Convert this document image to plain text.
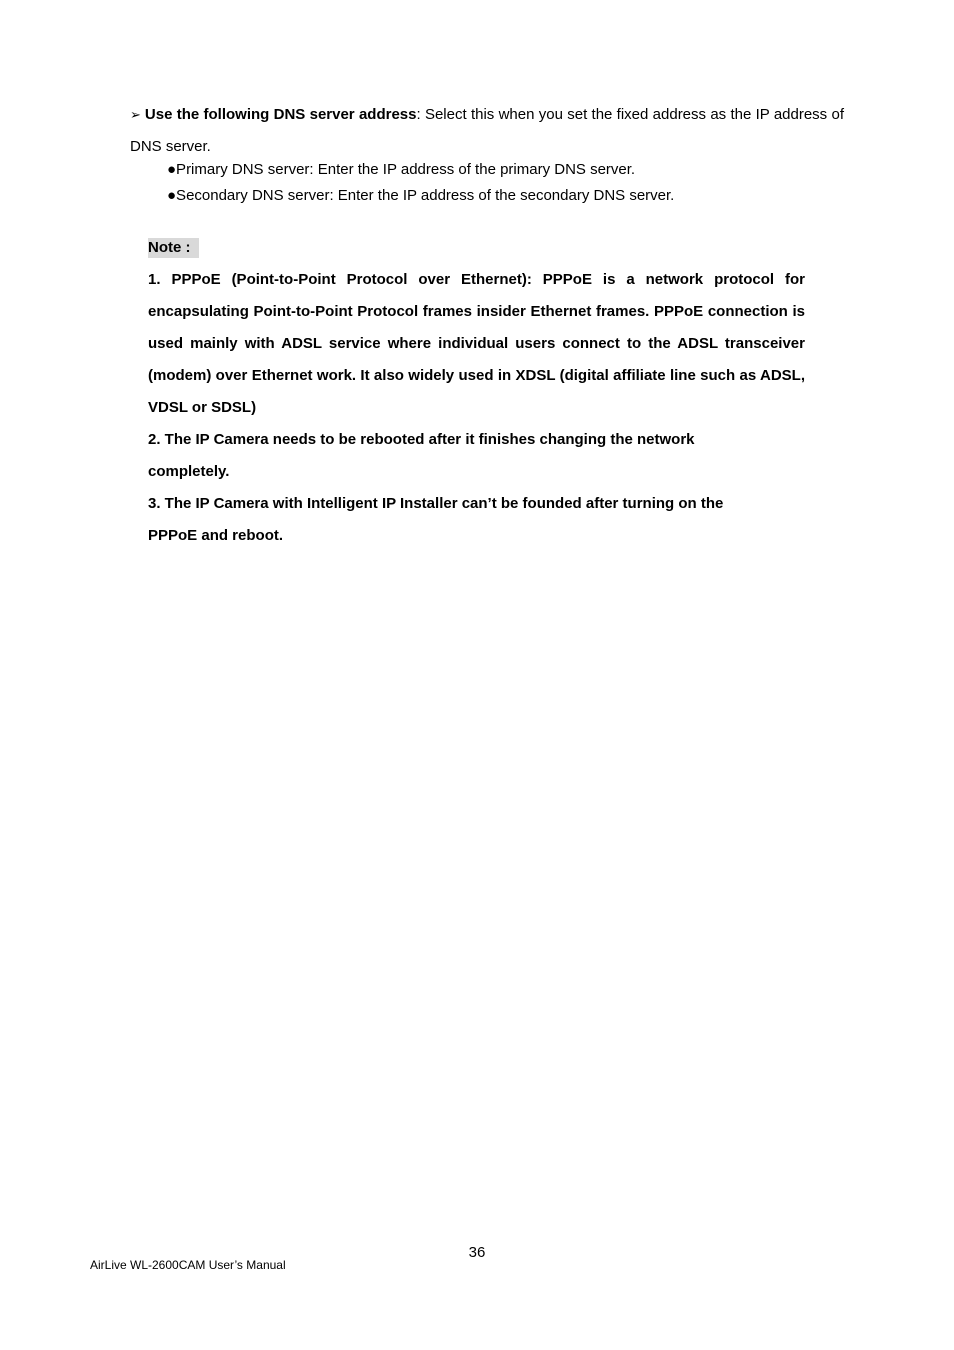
➢ Use the following DNS server address: Select this when you set the fixed address as the IP address of DNS server.
●Primary DNS server: Enter the IP address of the primary DNS server.
●Secondary DNS server: Enter the IP address of the secondary DNS server.
Note :

1. PPPoE (Point-to-Point Protocol over Ethernet): PPPoE is a network protocol for encapsulating Point-to-Point Protocol frames insider Ethernet frames. PPPoE connection is used mainly with ADSL service where individual users connect to the ADSL transceiver (modem) over Ethernet work. It also widely used in XDSL (digital affiliate line such as ADSL, VDSL or SDSL)

2. The IP Camera needs to be rebooted after it finishes changing the network completely.

3. The IP Camera with Intelligent IP Installer can’t be founded after turning on the PPPoE and reboot.

36
AirLive WL-2600CAM User’s Manual
